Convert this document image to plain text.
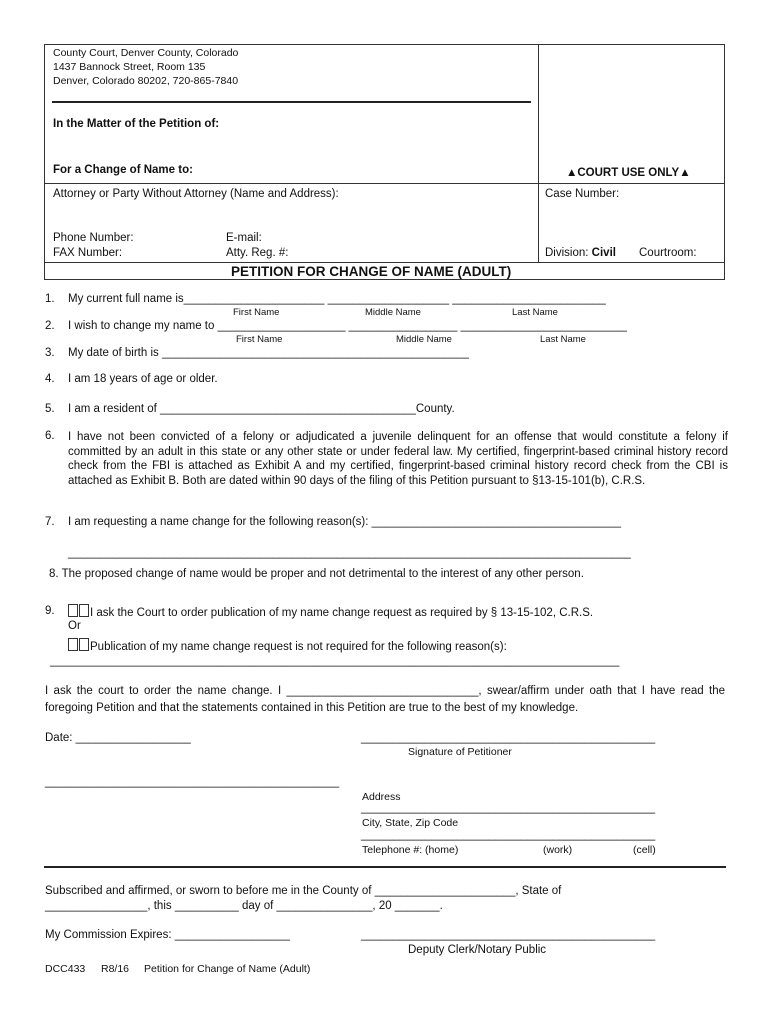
County Court, Denver County, Colorado
1437 Bannock Street, Room 135
Denver, Colorado 80202, 720-865-7840
In the Matter of the Petition of:
For a Change of Name to:	▲COURT USE ONLY▲
Attorney or Party Without Attorney (Name and Address):	Case Number:
Phone Number:	E-mail:
FAX Number:	Atty. Reg. #:	Division: Civil Courtroom:
PETITION FOR CHANGE OF NAME (ADULT)
1. My current full name is______________________ ___________________ ________________________
First Name	Middle Name	Last Name
2. I wish to change my name to ____________________ _________________ __________________________
First Name	Middle Name	Last Name
3. My date of birth is ________________________________________________
4. I am 18 years of age or older.
5. I am a resident of ________________________________________County.
6. I have not been convicted of a felony or adjudicated a juvenile delinquent for an offense that would constitute a felony if committed by an adult in this state or any other state or under federal law. My certified, fingerprint-based criminal history record check from the FBI is attached as Exhibit A and my certified, fingerprint-based criminal history record check from the CBI is attached as Exhibit B. Both are dated within 90 days of the filing of this Petition pursuant to §13-15-101(b), C.R.S.
7. I am requesting a name change for the following reason(s): _______________________________________
________________________________________________________________________________________
8. The proposed change of name would be proper and not detrimental to the interest of any other person.
9.	I ask the Court to order publication of my name change request as required by § 13-15-102, C.R.S.
Or
Publication of my name change request is not required for the following reason(s):
_________________________________________________________________________________________
I ask the court to order the name change. I ______________________________, swear/affirm under oath that I have read the foregoing Petition and that the statements contained in this Petition are true to the best of my knowledge.
Date: __________________	______________________________________________
Signature of Petitioner
______________________________________________
Address
______________________________________________
City, State, Zip Code
______________________________________________
Telephone #: (home)	(work)	(cell)
Subscribed and affirmed, or sworn to before me in the County of ______________________, State of
________________, this __________ day of _______________, 20 _______.
My Commission Expires: __________________	______________________________________________
Deputy Clerk/Notary Public
DCC433 R8/16 Petition for Change of Name (Adult)
